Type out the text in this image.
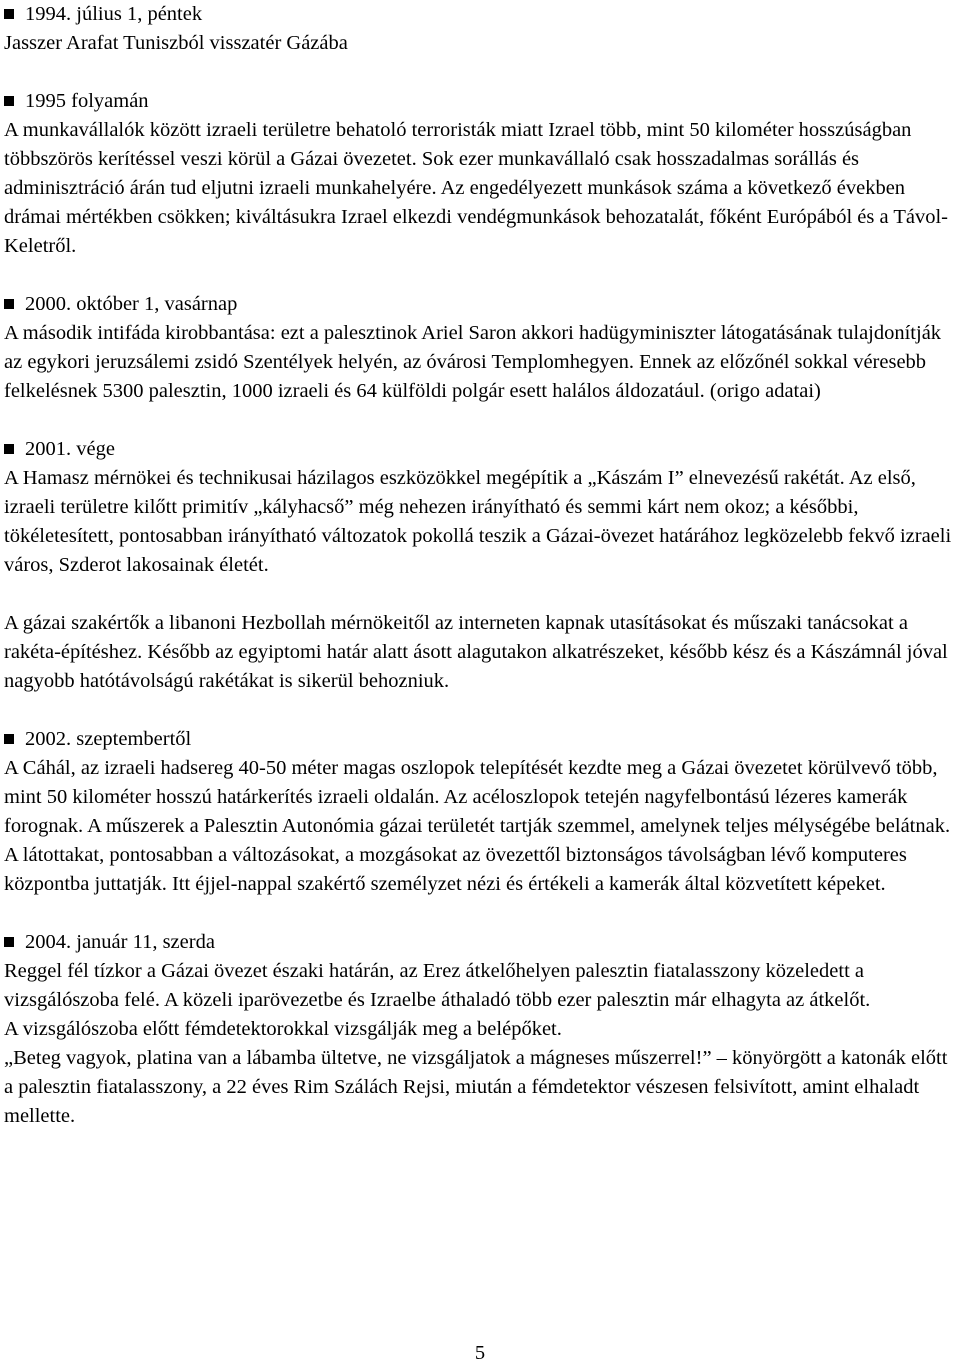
1994. július 1, péntek

Jasszer Arafat Tuniszból visszatér Gázába

1995 folyamán

A munkavállalók között izraeli területre behatoló terroristák miatt Izrael több, mint 50 kilométer hosszúságban többszörös kerítéssel veszi körül a Gázai övezetet. Sok ezer munkavállaló csak hosszadalmas sorállás és adminisztráció árán tud eljutni izraeli munkahelyére. Az engedélyezett munkások száma a következő években drámai mértékben csökken; kiváltásukra Izrael elkezdi vendégmunkások behozatalát, főként Európából és a Távol-Keletről.

2000. október 1, vasárnap

A második intifáda kirobbantása: ezt a palesztinok Ariel Saron akkori hadügyminiszter látogatásának tulajdonítják az egykori jeruzsálemi zsidó Szentélyek helyén, az óvárosi Templomhegyen. Ennek az előzőnél sokkal véresebb felkelésnek 5300 palesztin, 1000 izraeli és 64 külföldi polgár esett halálos áldozatául. (origo adatai)

2001. vége

A Hamasz mérnökei és technikusai házilagos eszközökkel megépítik a „Kászám I” elnevezésű rakétát. Az első, izraeli területre kilőtt primitív „kályhacső” még nehezen irányítható és semmi kárt nem okoz; a későbbi, tökéletesített, pontosabban irányítható változatok pokollá teszik a Gázai-övezet határához legközelebb fekvő izraeli város, Szderot lakosainak életét.

A gázai szakértők a libanoni Hezbollah mérnökeitől az interneten kapnak utasításokat és műszaki tanácsokat a rakéta-építéshez. Később az egyiptomi határ alatt ásott alagutakon alkatrészeket, később kész és a Kászámnál jóval nagyobb hatótávolságú rakétákat is sikerül behozniuk.

2002. szeptembertől

A Cáhál, az izraeli hadsereg 40-50 méter magas oszlopok telepítését kezdte meg a Gázai övezetet körülvevő több, mint 50 kilométer hosszú határkerítés izraeli oldalán. Az acéloszlopok tetején nagyfelbontású lézeres kamerák forognak. A műszerek a Palesztin Autonómia gázai területét tartják szemmel, amelynek teljes mélységébe belátnak. A látottakat, pontosabban a változásokat, a mozgásokat az övezettől biztonságos távolságban lévő komputeres központba juttatják. Itt éjjel-nappal szakértő személyzet nézi és értékeli a kamerák által közvetített képeket.

2004. január 11, szerda

Reggel fél tízkor a Gázai övezet északi határán, az Erez átkelőhelyen palesztin fiatalasszony közeledett a vizsgálószoba felé. A közeli iparövezetbe és Izraelbe áthaladó több ezer palesztin már elhagyta az átkelőt.

A vizsgálószoba előtt fémdetektorokkal vizsgálják meg a belépőket.

„Beteg vagyok, platina van a lábamba ültetve, ne vizsgáljatok a mágneses műszerrel!” – könyörgött a katonák előtt a palesztin fiatalasszony, a 22 éves Rim Szálách Rejsi, miután a fémdetektor vészesen felsivított, amint elhaladt mellette.

5
